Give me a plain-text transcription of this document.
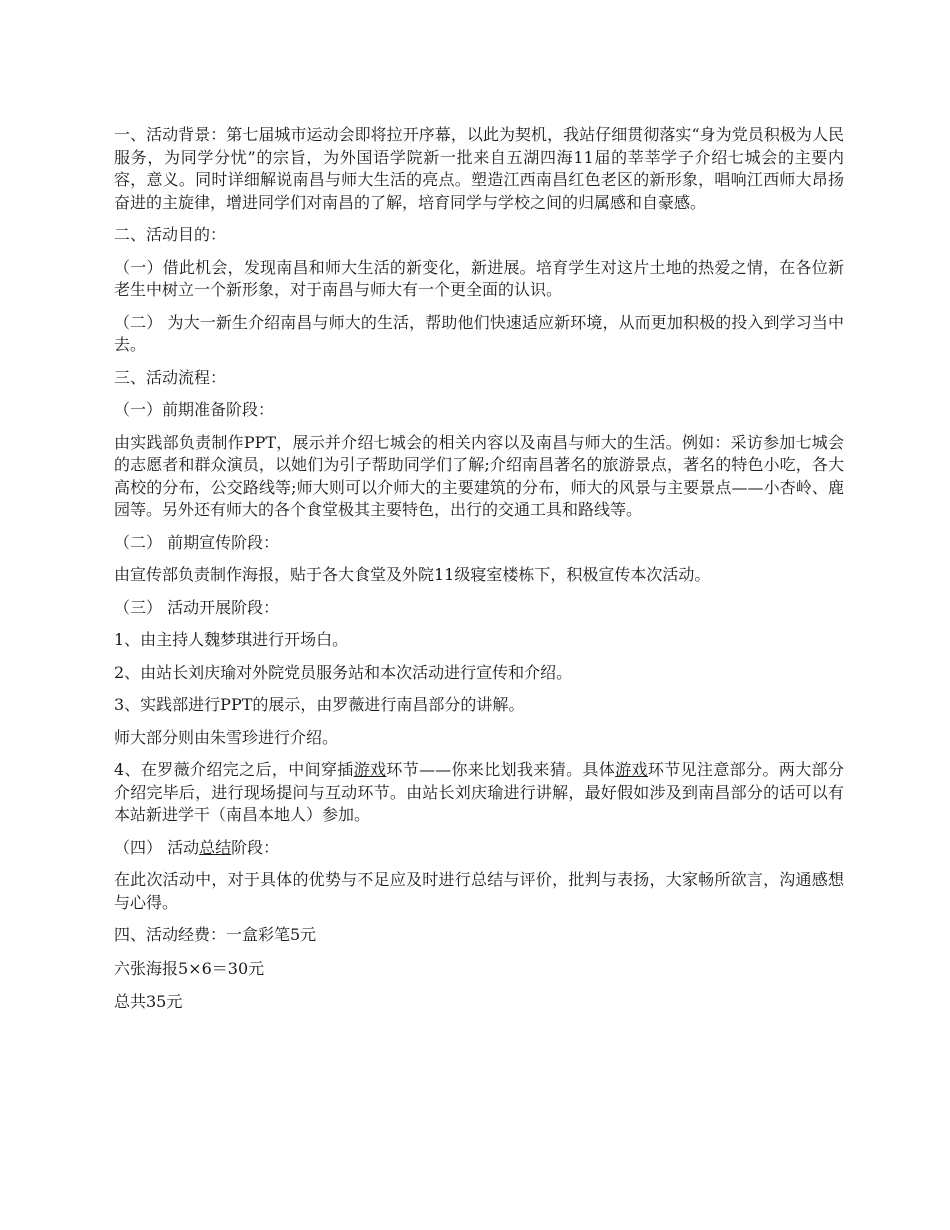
一、活动背景：第七届城市运动会即将拉开序幕，以此为契机，我站仔细贯彻落实“身为党员积极为人民服务，为同学分忧”的宗旨，为外国语学院新一批来自五湖四海11届的莘莘学子介绍七城会的主要内容，意义。同时详细解说南昌与师大生活的亮点。塑造江西南昌红色老区的新形象，唱响江西师大昂扬奋进的主旋律，增进同学们对南昌的了解，培育同学与学校之间的归属感和自豪感。

二、活动目的：

（一）借此机会，发现南昌和师大生活的新变化，新进展。培育学生对这片土地的热爱之情，在各位新老生中树立一个新形象，对于南昌与师大有一个更全面的认识。

（二） 为大一新生介绍南昌与师大的生活，帮助他们快速适应新环境，从而更加积极的投入到学习当中去。

三、活动流程：

（一）前期准备阶段：

由实践部负责制作PPT，展示并介绍七城会的相关内容以及南昌与师大的生活。例如：采访参加七城会的志愿者和群众演员，以她们为引子帮助同学们了解;介绍南昌著名的旅游景点，著名的特色小吃，各大高校的分布，公交路线等;师大则可以介师大的主要建筑的分布，师大的风景与主要景点——小杏岭、鹿园等。另外还有师大的各个食堂极其主要特色，出行的交通工具和路线等。

（二） 前期宣传阶段：

由宣传部负责制作海报，贴于各大食堂及外院11级寝室楼栋下，积极宣传本次活动。

（三） 活动开展阶段：

1、由主持人魏梦琪进行开场白。

2、由站长刘庆瑜对外院党员服务站和本次活动进行宣传和介绍。

3、实践部进行PPT的展示，由罗薇进行南昌部分的讲解。

师大部分则由朱雪珍进行介绍。

4、在罗薇介绍完之后，中间穿插游戏环节——你来比划我来猜。具体游戏环节见注意部分。两大部分介绍完毕后，进行现场提问与互动环节。由站长刘庆瑜进行讲解，最好假如涉及到南昌部分的话可以有本站新进学干（南昌本地人）参加。

（四） 活动总结阶段：

在此次活动中，对于具体的优势与不足应及时进行总结与评价，批判与表扬，大家畅所欲言，沟通感想与心得。

四、活动经费：一盒彩笔5元

六张海报5×6＝30元

总共35元
